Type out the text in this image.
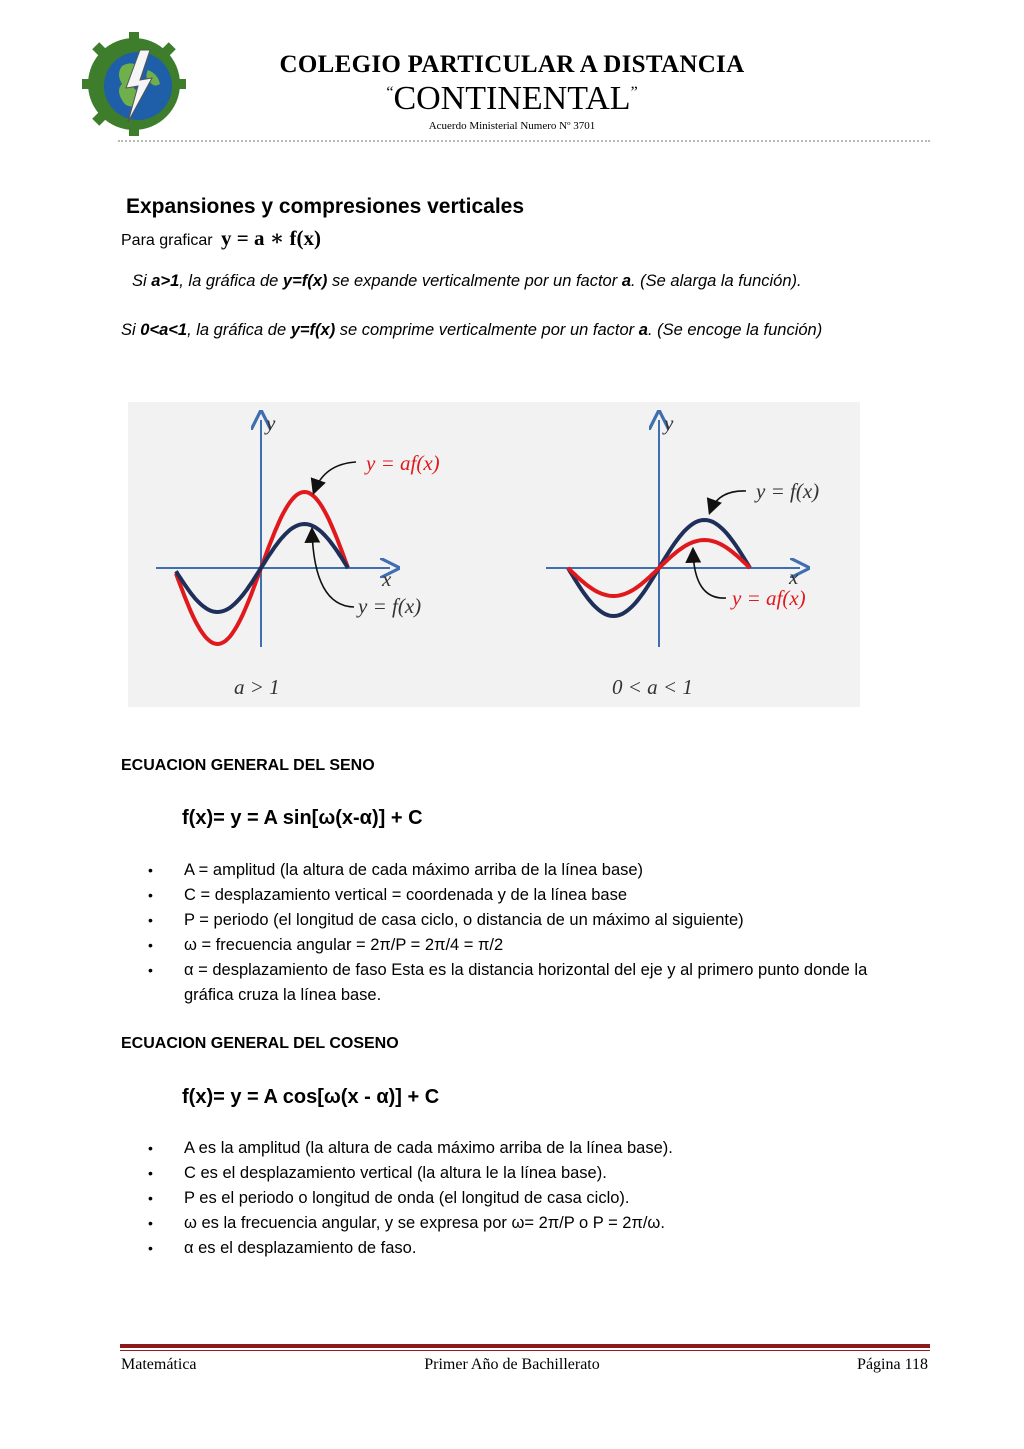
COLEGIO PARTICULAR A DISTANCIA
“CONTINENTAL”
Acuerdo Ministerial Numero Nº 3701
Expansiones y compresiones verticales
Para graficar y = a ∗ f(x)
Si a>1, la gráfica de y=f(x) se expande verticalmente por un factor a. (Se alarga la función).
Si 0<a<1, la gráfica de y=f(x) se comprime verticalmente por un factor a. (Se encoge la función)
y
x
y = af(x)
y = f(x)
a > 1
y
x
y = f(x)
y = af(x)
0 < a < 1
ECUACION GENERAL DEL SENO
f(x)= y = A sin[ω(x-α)] + C
• A = amplitud (la altura de cada máximo arriba de la línea base)
• C = desplazamiento vertical = coordenada y de la línea base
• P = periodo (el longitud de casa ciclo, o distancia de un máximo al siguiente)
• ω = frecuencia angular = 2π/P = 2π/4 = π/2
• α = desplazamiento de faso Esta es la distancia horizontal del eje y al primero punto donde la gráfica cruza la línea base.
ECUACION GENERAL DEL COSENO
f(x)= y = A cos[ω(x - α)] + C
• A es la amplitud (la altura de cada máximo arriba de la línea base).
• C es el desplazamiento vertical (la altura le la línea base).
• P es el periodo o longitud de onda (el longitud de casa ciclo).
• ω es la frecuencia angular, y se expresa por ω= 2π/P o P = 2π/ω.
• α es el desplazamiento de faso.
Matemática	Primer Año de Bachillerato	Página 118
